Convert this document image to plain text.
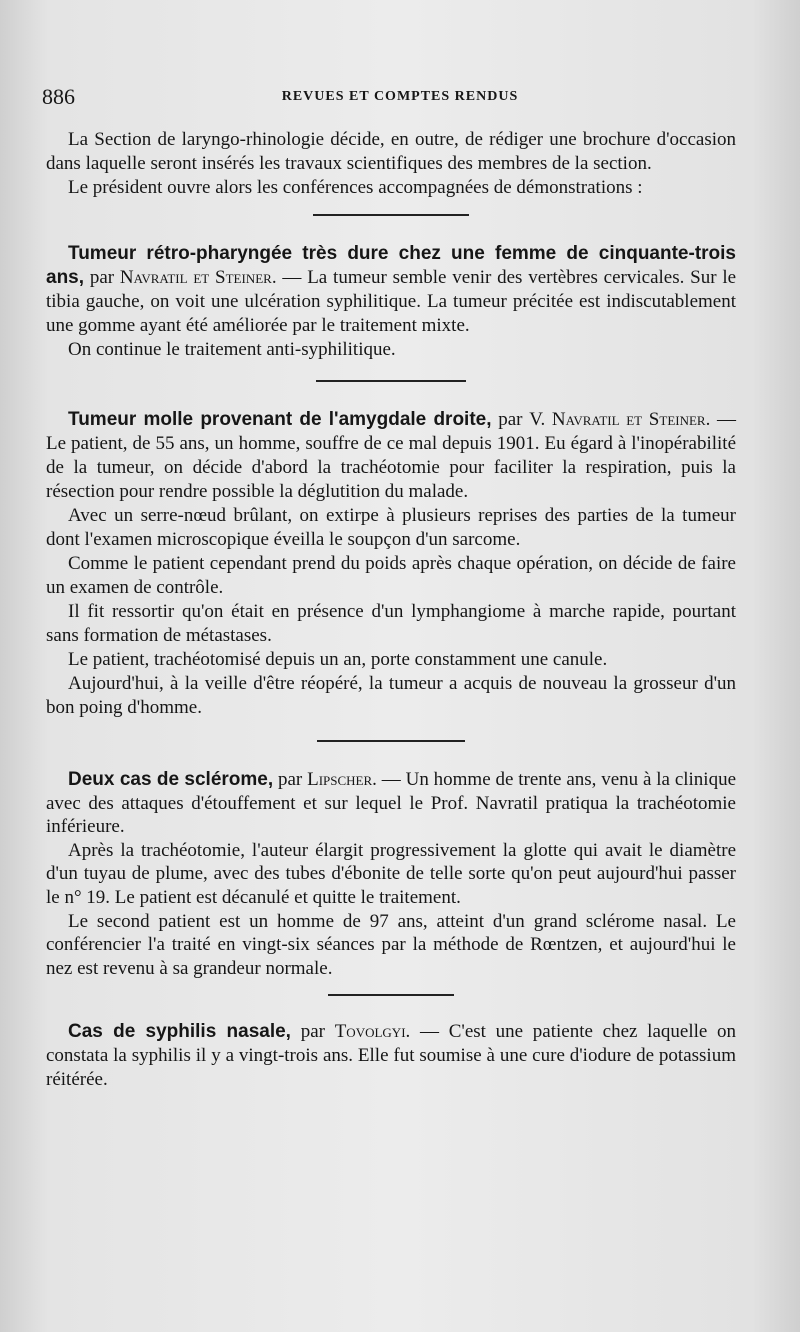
886	REVUES ET COMPTES RENDUS

La Section de laryngo-rhinologie décide, en outre, de rédiger une brochure d'occasion dans laquelle seront insérés les travaux scientifiques des membres de la section.

Le président ouvre alors les conférences accompagnées de démonstrations :

Tumeur rétro-pharyngée très dure chez une femme de cinquante-trois ans, par Navratil et Steiner. — La tumeur semble venir des vertèbres cervicales. Sur le tibia gauche, on voit une ulcération syphilitique. La tumeur précitée est indiscutablement une gomme ayant été améliorée par le traitement mixte.

On continue le traitement anti-syphilitique.

Tumeur molle provenant de l'amygdale droite, par V. Navratil et Steiner. — Le patient, de 55 ans, un homme, souffre de ce mal depuis 1901. Eu égard à l'inopérabilité de la tumeur, on décide d'abord la trachéotomie pour faciliter la respiration, puis la résection pour rendre possible la déglutition du malade.

Avec un serre-nœud brûlant, on extirpe à plusieurs reprises des parties de la tumeur dont l'examen microscopique éveilla le soupçon d'un sarcome.

Comme le patient cependant prend du poids après chaque opération, on décide de faire un examen de contrôle.

Il fit ressortir qu'on était en présence d'un lymphangiome à marche rapide, pourtant sans formation de métastases.

Le patient, trachéotomisé depuis un an, porte constamment une canule.

Aujourd'hui, à la veille d'être réopéré, la tumeur a acquis de nouveau la grosseur d'un bon poing d'homme.

Deux cas de sclérome, par Lipscher. — Un homme de trente ans, venu à la clinique avec des attaques d'étouffement et sur lequel le Prof. Navratil pratiqua la trachéotomie inférieure.

Après la trachéotomie, l'auteur élargit progressivement la glotte qui avait le diamètre d'un tuyau de plume, avec des tubes d'ébonite de telle sorte qu'on peut aujourd'hui passer le n° 19. Le patient est décanulé et quitte le traitement.

Le second patient est un homme de 97 ans, atteint d'un grand sclérome nasal. Le conférencier l'a traité en vingt-six séances par la méthode de Rœntzen, et aujourd'hui le nez est revenu à sa grandeur normale.

Cas de syphilis nasale, par Tovolgyi. — C'est une patiente chez laquelle on constata la syphilis il y a vingt-trois ans. Elle fut soumise à une cure d'iodure de potassium réitérée.
